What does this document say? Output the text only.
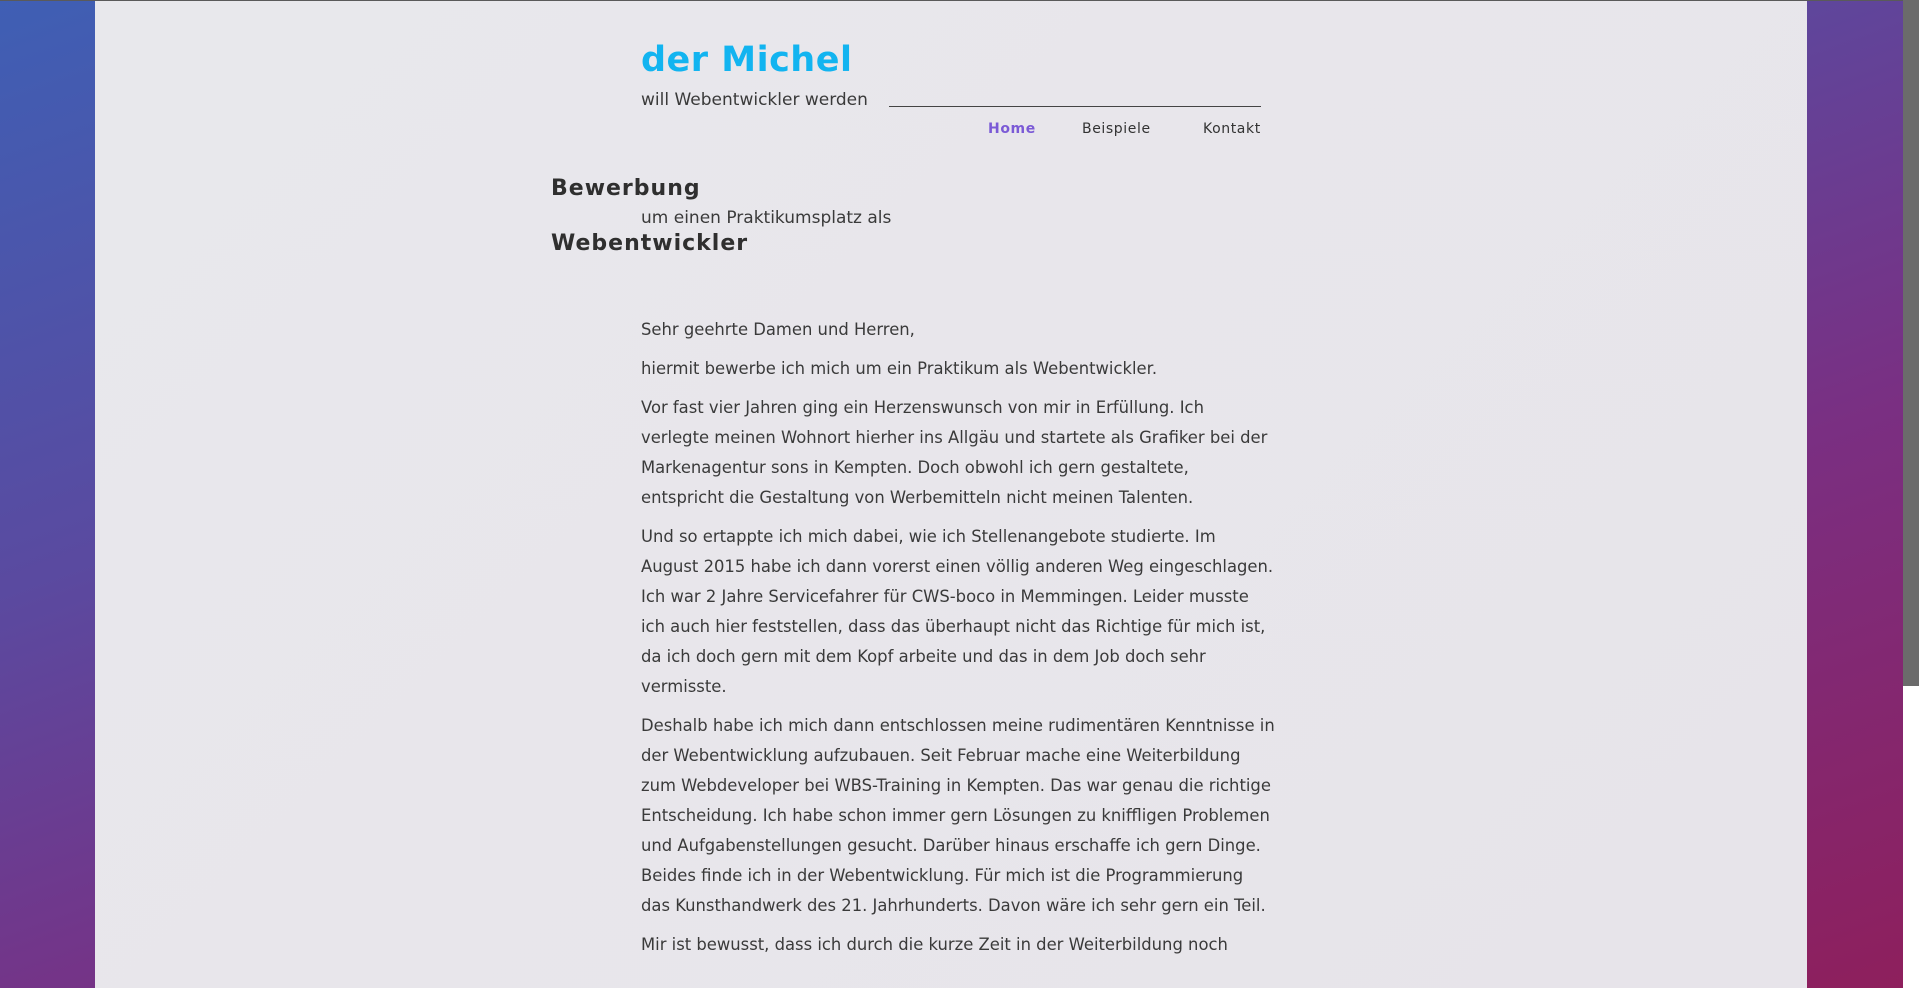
der Michel
will Webentwickler werden
Home	Beispiele	Kontakt
Bewerbung
um einen Praktikumsplatz als
Webentwickler

Sehr geehrte Damen und Herren,

hiermit bewerbe ich mich um ein Praktikum als Webentwickler.

Vor fast vier Jahren ging ein Herzenswunsch von mir in Erfüllung. Ich verlegte meinen Wohnort hierher ins Allgäu und startete als Grafiker bei der Markenagentur sons in Kempten. Doch obwohl ich gern gestaltete, entspricht die Gestaltung von Werbemitteln nicht meinen Talenten.

Und so ertappte ich mich dabei, wie ich Stellenangebote studierte. Im August 2015 habe ich dann vorerst einen völlig anderen Weg eingeschlagen. Ich war 2 Jahre Servicefahrer für CWS-boco in Memmingen. Leider musste ich auch hier feststellen, dass das überhaupt nicht das Richtige für mich ist, da ich doch gern mit dem Kopf arbeite und das in dem Job doch sehr vermisste.

Deshalb habe ich mich dann entschlossen meine rudimentären Kenntnisse in der Webentwicklung aufzubauen. Seit Februar mache eine Weiterbildung zum Webdeveloper bei WBS-Training in Kempten. Das war genau die richtige Entscheidung. Ich habe schon immer gern Lösungen zu kniffligen Problemen und Aufgabenstellungen gesucht. Darüber hinaus erschaffe ich gern Dinge. Beides finde ich in der Webentwicklung. Für mich ist die Programmierung das Kunsthandwerk des 21. Jahrhunderts. Davon wäre ich sehr gern ein Teil.

Mir ist bewusst, dass ich durch die kurze Zeit in der Weiterbildung noch
